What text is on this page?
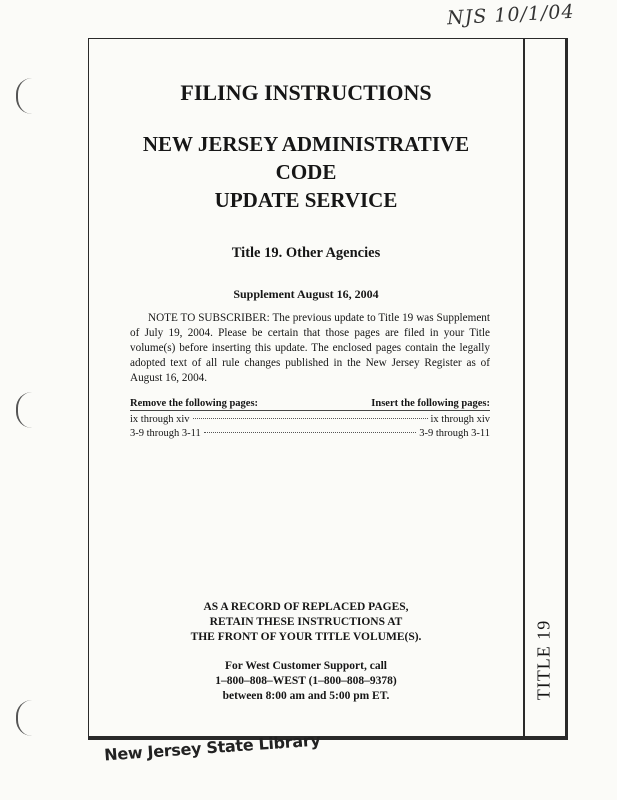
NJS 10/1/04
TITLE 19
FILING INSTRUCTIONS
NEW JERSEY ADMINISTRATIVE CODE
UPDATE SERVICE
Title 19. Other Agencies
Supplement August 16, 2004
NOTE TO SUBSCRIBER: The previous update to Title 19 was Supplement of July 19, 2004. Please be certain that those pages are filed in your Title volume(s) before inserting this update. The enclosed pages contain the legally adopted text of all rule changes published in the New Jersey Register as of August 16, 2004.
Remove the following pages:	Insert the following pages:
ix through xiv	ix through xiv
3-9 through 3-11	3-9 through 3-11
AS A RECORD OF REPLACED PAGES,
RETAIN THESE INSTRUCTIONS AT
THE FRONT OF YOUR TITLE VOLUME(S).
For West Customer Support, call
1–800–808–WEST (1–800–808–9378)
between 8:00 am and 5:00 pm ET.
New Jersey State Library
